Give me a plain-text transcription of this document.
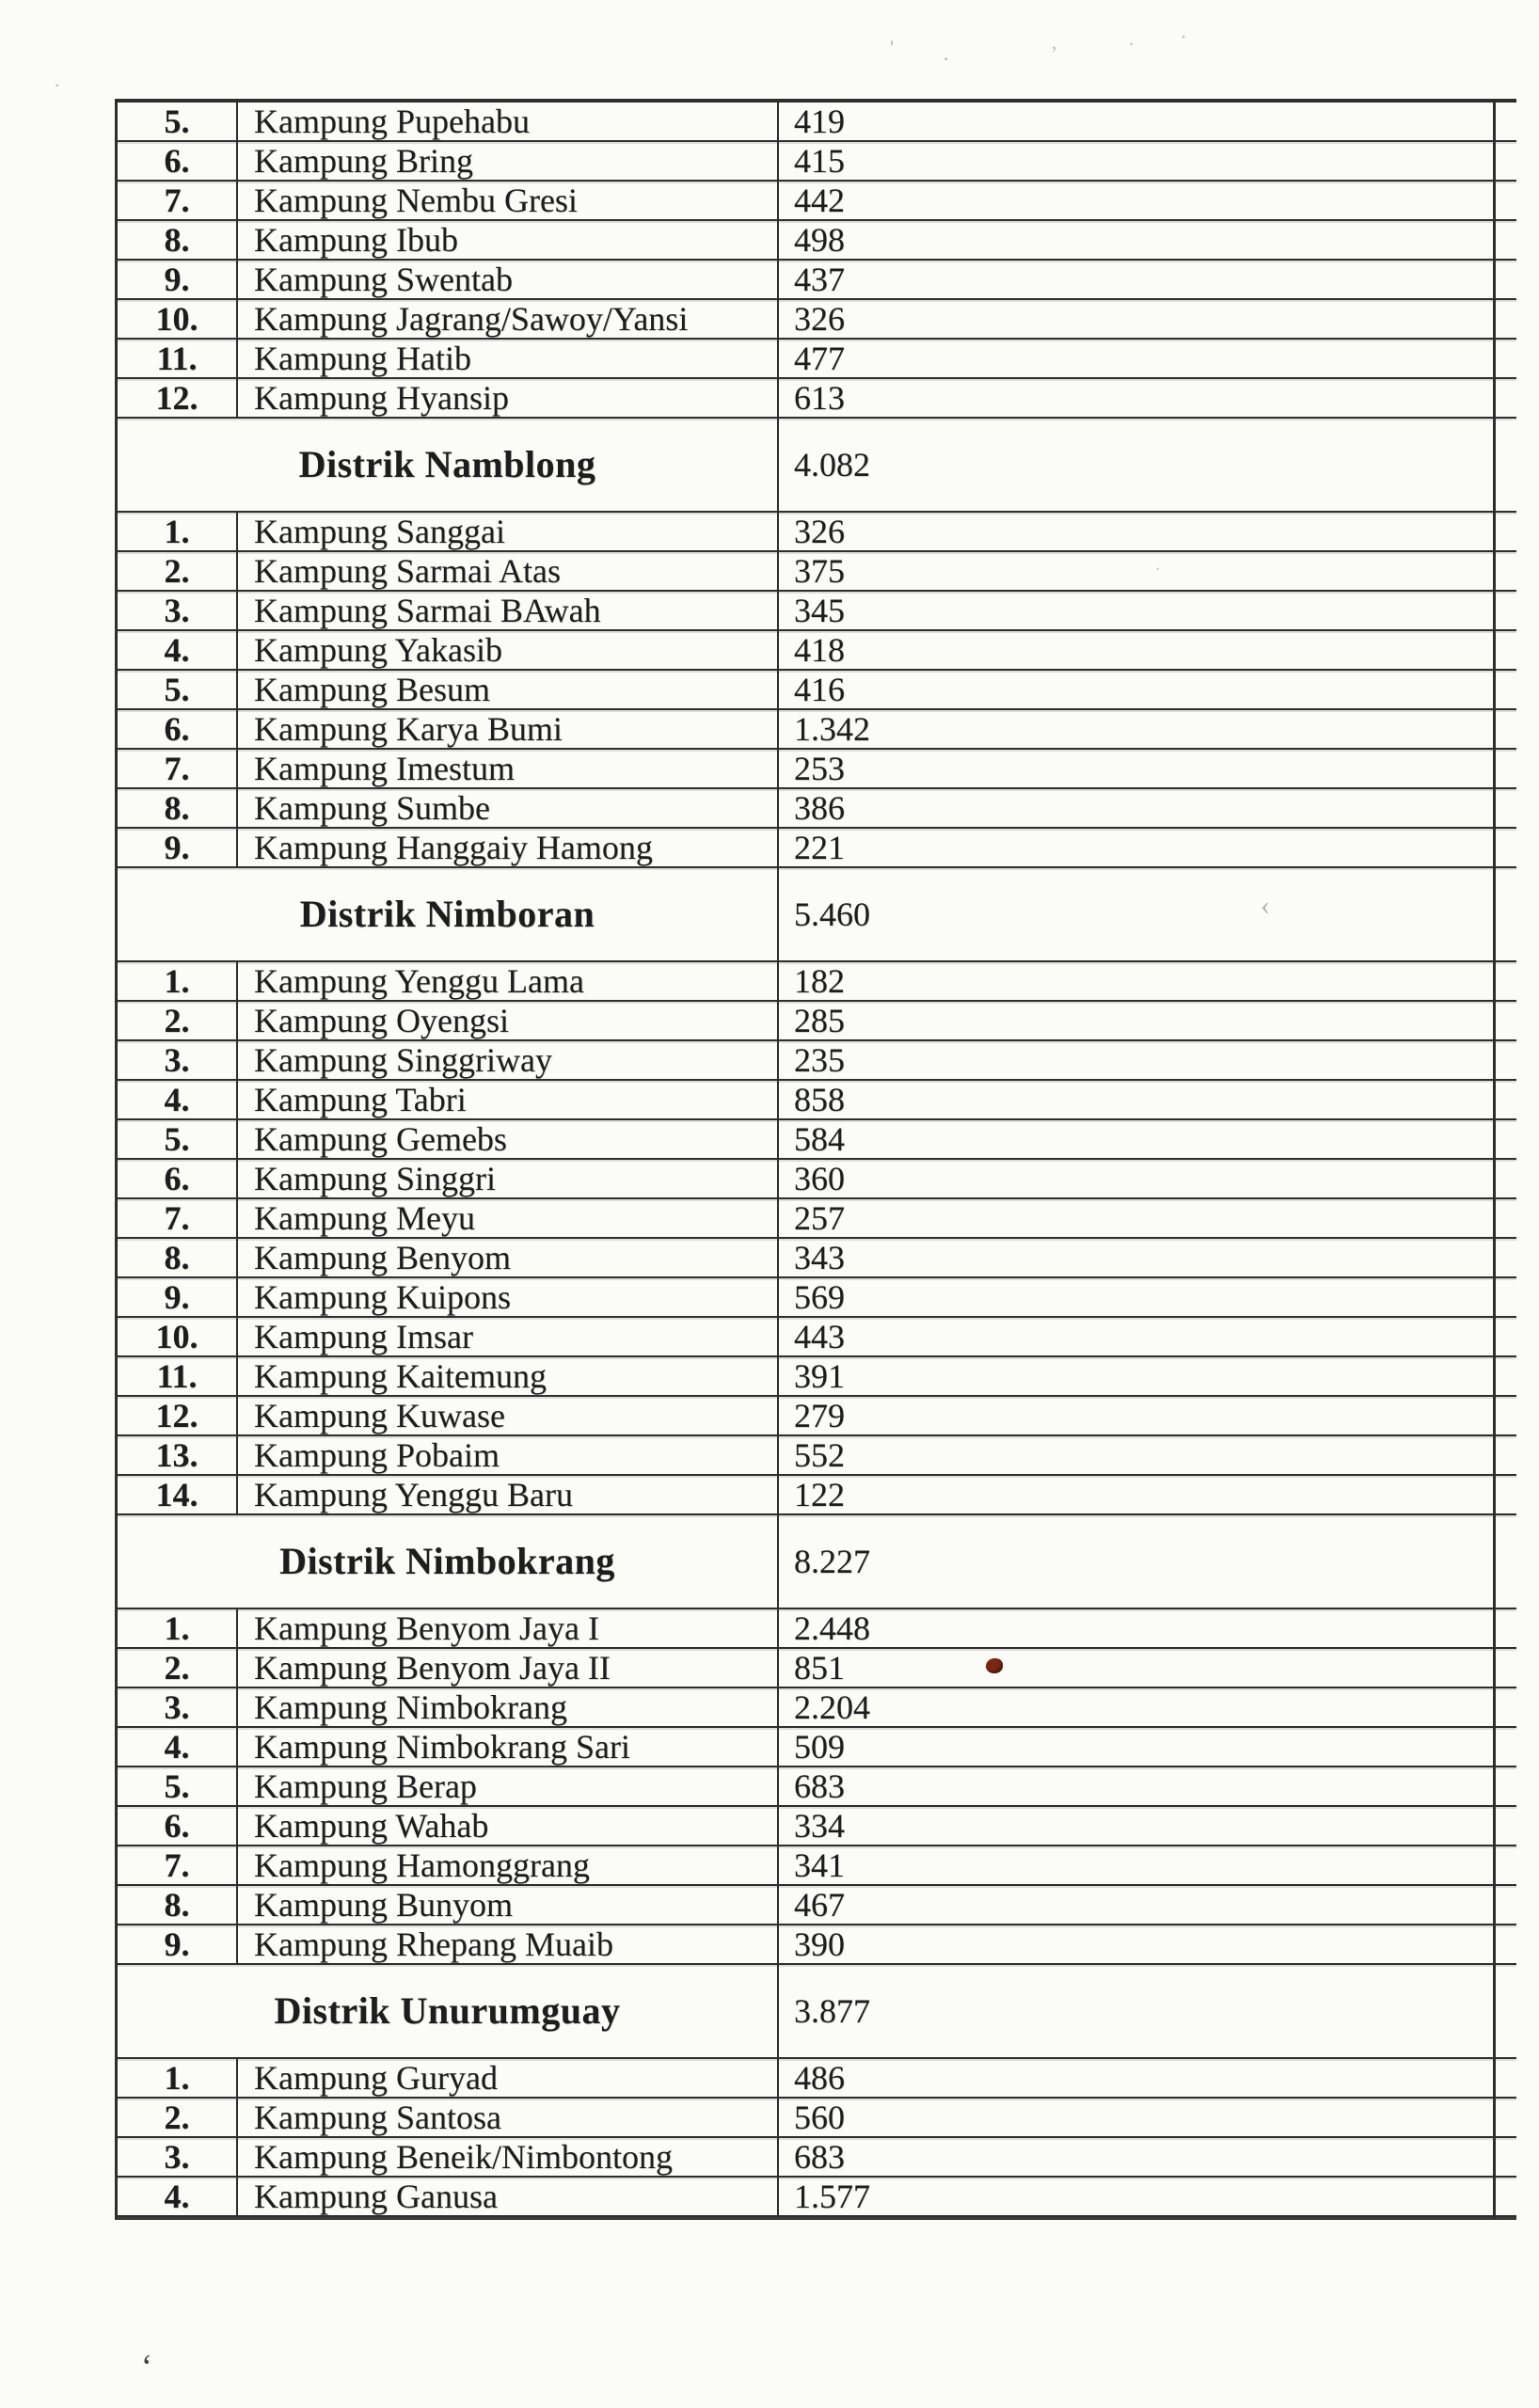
5.	Kampung Pupehabu	419
6.	Kampung Bring	415
7.	Kampung Nembu Gresi	442
8.	Kampung Ibub	498
9.	Kampung Swentab	437
10.	Kampung Jagrang/Sawoy/Yansi	326
11.	Kampung Hatib	477
12.	Kampung Hyansip	613
Distrik Namblong	4.082
1.	Kampung Sanggai	326
2.	Kampung Sarmai Atas	375
3.	Kampung Sarmai BAwah	345
4.	Kampung Yakasib	418
5.	Kampung Besum	416
6.	Kampung Karya Bumi	1.342
7.	Kampung Imestum	253
8.	Kampung Sumbe	386
9.	Kampung Hanggaiy Hamong	221
Distrik Nimboran	5.460
1.	Kampung Yenggu Lama	182
2.	Kampung Oyengsi	285
3.	Kampung Singgriway	235
4.	Kampung Tabri	858
5.	Kampung Gemebs	584
6.	Kampung Singgri	360
7.	Kampung Meyu	257
8.	Kampung Benyom	343
9.	Kampung Kuipons	569
10.	Kampung Imsar	443
11.	Kampung Kaitemung	391
12.	Kampung Kuwase	279
13.	Kampung Pobaim	552
14.	Kampung Yenggu Baru	122
Distrik Nimbokrang	8.227
1.	Kampung Benyom Jaya I	2.448
2.	Kampung Benyom Jaya II	851
3.	Kampung Nimbokrang	2.204
4.	Kampung Nimbokrang Sari	509
5.	Kampung Berap	683
6.	Kampung Wahab	334
7.	Kampung Hamonggrang	341
8.	Kampung Bunyom	467
9.	Kampung Rhepang Muaib	390
Distrik Unurumguay	3.877
1.	Kampung Guryad	486
2.	Kampung Santosa	560
3.	Kampung Beneik/Nimbontong	683
4.	Kampung Ganusa	1.577
' .	,	. ·
.
.
‹
‘
